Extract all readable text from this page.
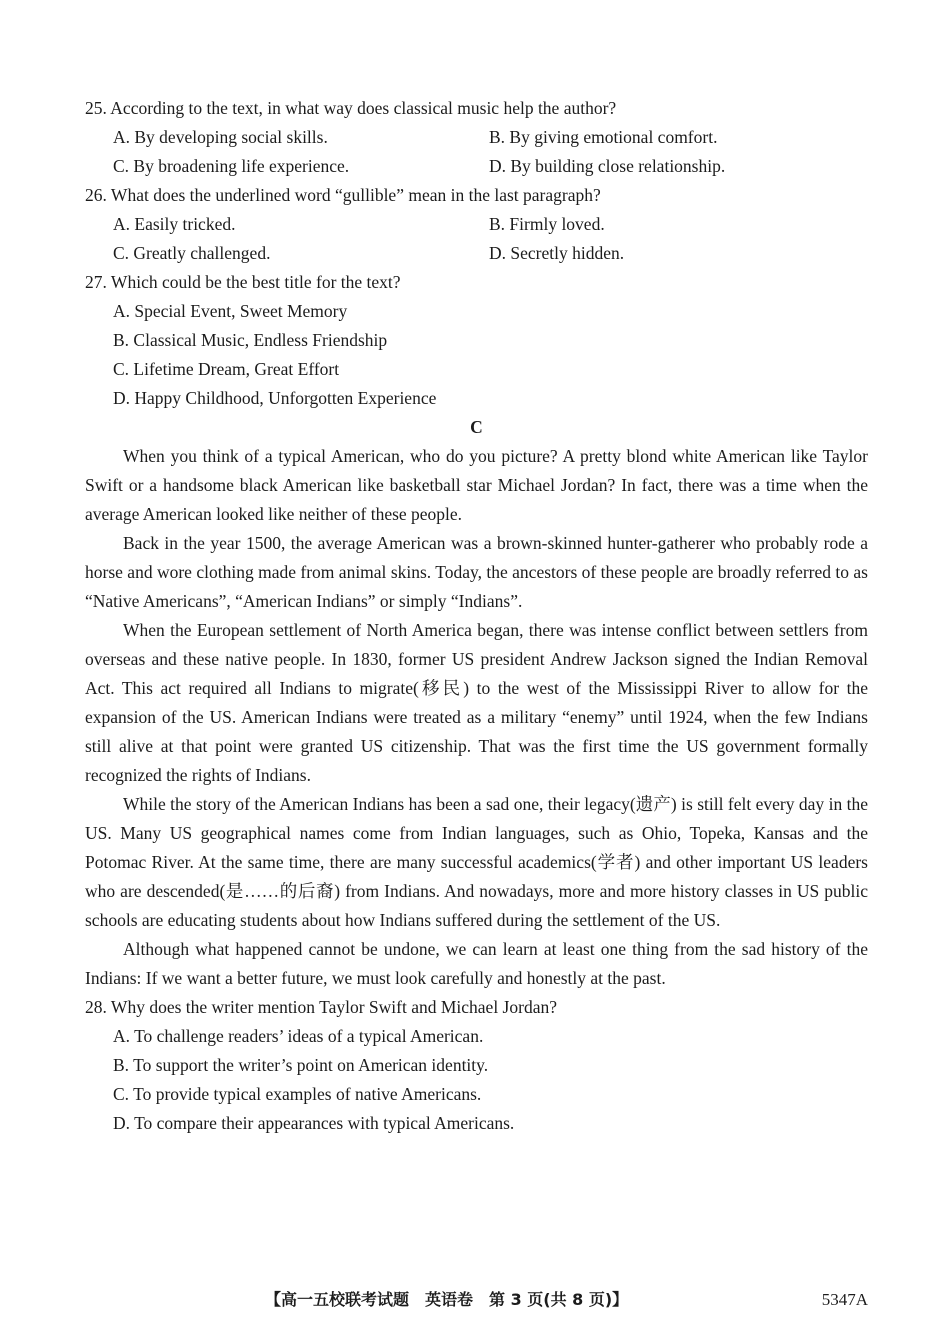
25. According to the text, in what way does classical music help the author?
A. By developing social skills.	B. By giving emotional comfort.
C. By broadening life experience.	D. By building close relationship.
26. What does the underlined word “gullible” mean in the last paragraph?
A. Easily tricked.	B. Firmly loved.
C. Greatly challenged.	D. Secretly hidden.
27. Which could be the best title for the text?
A. Special Event, Sweet Memory
B. Classical Music, Endless Friendship
C. Lifetime Dream, Great Effort
D. Happy Childhood, Unforgotten Experience
C
When you think of a typical American, who do you picture? A pretty blond white American like Taylor Swift or a handsome black American like basketball star Michael Jordan? In fact, there was a time when the average American looked like neither of these people.
Back in the year 1500, the average American was a brown-skinned hunter-gatherer who probably rode a horse and wore clothing made from animal skins. Today, the ancestors of these people are broadly referred to as “Native Americans”, “American Indians” or simply “Indians”.
When the European settlement of North America began, there was intense conflict between settlers from overseas and these native people. In 1830, former US president Andrew Jackson signed the Indian Removal Act. This act required all Indians to migrate(移民) to the west of the Mississippi River to allow for the expansion of the US. American Indians were treated as a military “enemy” until 1924, when the few Indians still alive at that point were granted US citizenship. That was the first time the US government formally recognized the rights of Indians.
While the story of the American Indians has been a sad one, their legacy(遗产) is still felt every day in the US. Many US geographical names come from Indian languages, such as Ohio, Topeka, Kansas and the Potomac River. At the same time, there are many successful academics(学者) and other important US leaders who are descended(是……的后裔) from Indians. And nowadays, more and more history classes in US public schools are educating students about how Indians suffered during the settlement of the US.
Although what happened cannot be undone, we can learn at least one thing from the sad history of the Indians: If we want a better future, we must look carefully and honestly at the past.
28. Why does the writer mention Taylor Swift and Michael Jordan?
A. To challenge readers’ ideas of a typical American.
B. To support the writer’s point on American identity.
C. To provide typical examples of native Americans.
D. To compare their appearances with typical Americans.
【高一五校联考试题　英语卷　第 3 页(共 8 页)】	5347A
